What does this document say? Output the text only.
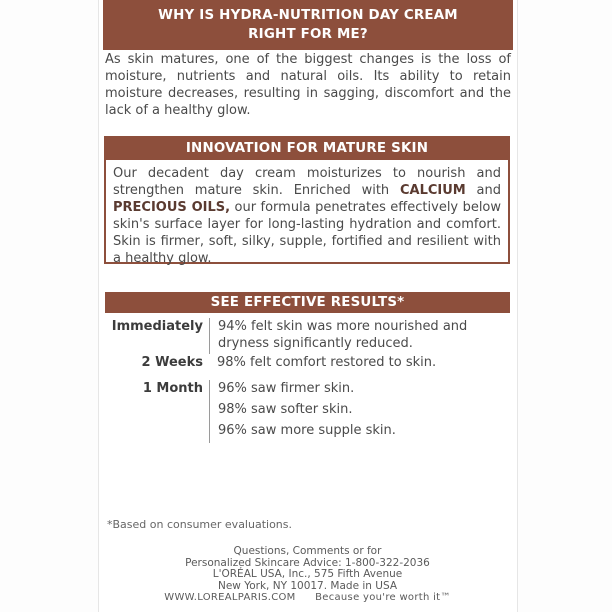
WHY IS HYDRA-NUTRITION DAY CREAM
RIGHT FOR ME?
As skin matures, one of the biggest changes is the loss of moisture, nutrients and natural oils. Its ability to retain moisture decreases, resulting in sagging, discomfort and the lack of a healthy glow.
INNOVATION FOR MATURE SKIN
Our decadent day cream moisturizes to nourish and strengthen mature skin. Enriched with CALCIUM and PRECIOUS OILS, our formula penetrates effectively below skin's surface layer for long-lasting hydration and comfort. Skin is firmer, soft, silky, supple, fortified and resilient with a healthy glow.
SEE EFFECTIVE RESULTS*
Immediately	94% felt skin was more nourished and dryness significantly reduced.
2 Weeks	98% felt comfort restored to skin.
1 Month	96% saw firmer skin.
98% saw softer skin.
96% saw more supple skin.
*Based on consumer evaluations.
Questions, Comments or for
Personalized Skincare Advice: 1-800-322-2036
L'ORÉAL USA, Inc., 575 Fifth Avenue
New York, NY 10017. Made in USA
WWW.LOREALPARIS.COM Because you're worth it™
